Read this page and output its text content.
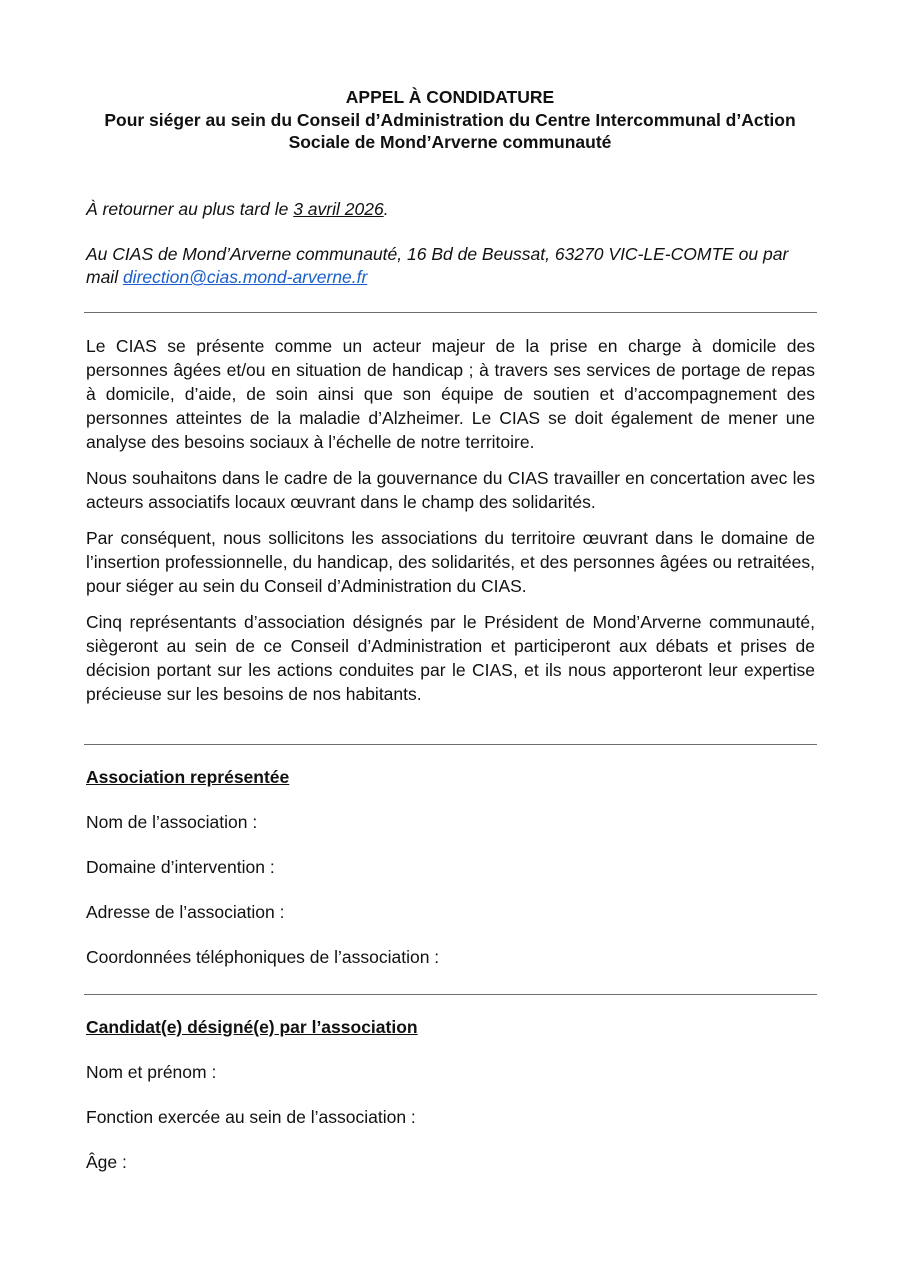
APPEL À CONDIDATURE
Pour siéger au sein du Conseil d’Administration du Centre Intercommunal d’Action
Sociale de Mond’Arverne communauté
À retourner au plus tard le 3 avril 2026.
Au CIAS de Mond’Arverne communauté, 16 Bd de Beussat, 63270 VIC-LE-COMTE ou par
mail direction@cias.mond-arverne.fr

Le CIAS se présente comme un acteur majeur de la prise en charge à domicile des personnes âgées et/ou en situation de handicap ; à travers ses services de portage de repas à domicile, d’aide, de soin ainsi que son équipe de soutien et d’accompagnement des personnes atteintes de la maladie d’Alzheimer. Le CIAS se doit également de mener une analyse des besoins sociaux à l’échelle de notre territoire.

Nous souhaitons dans le cadre de la gouvernance du CIAS travailler en concertation avec les acteurs associatifs locaux œuvrant dans le champ des solidarités.

Par conséquent, nous sollicitons les associations du territoire œuvrant dans le domaine de l’insertion professionnelle, du handicap, des solidarités, et des personnes âgées ou retraitées, pour siéger au sein du Conseil d’Administration du CIAS.

Cinq représentants d’association désignés par le Président de Mond’Arverne communauté, siègeront au sein de ce Conseil d’Administration et participeront aux débats et prises de décision portant sur les actions conduites par le CIAS, et ils nous apporteront leur expertise précieuse sur les besoins de nos habitants.

Association représentée
Nom de l’association :
Domaine d’intervention :
Adresse de l’association :
Coordonnées téléphoniques de l’association :
Candidat(e) désigné(e) par l’association
Nom et prénom :
Fonction exercée au sein de l’association :
Âge :
